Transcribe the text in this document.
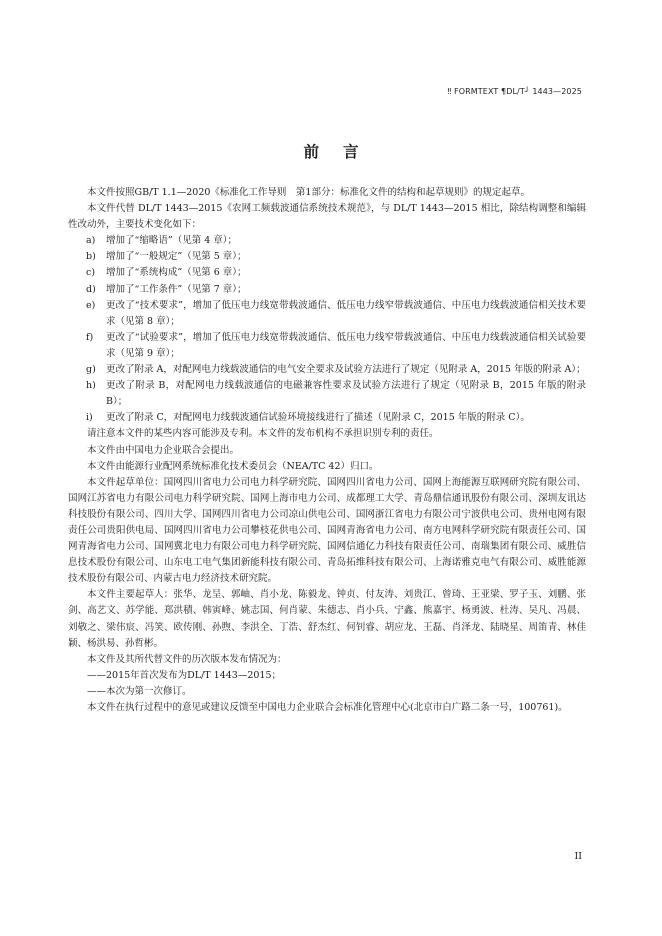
‼ FORMTEXT ¶DL/T┘ 1443—2025
前言

本文件按照GB/T 1.1—2020《标准化工作导则　第1部分：标准化文件的结构和起草规则》的规定起草。

本文件代替 DL/T 1443—2015《农网工频载波通信系统技术规范》，与 DL/T 1443—2015 相比，除结构调整和编辑性改动外，主要技术变化如下：

a) 增加了“缩略语”（见第 4 章）；
b) 增加了“一般规定”（见第 5 章）；
c) 增加了“系统构成”（见第 6 章）；
d) 增加了“工作条件”（见第 7 章）；
e) 更改了“技术要求”，增加了低压电力线宽带载波通信、低压电力线窄带载波通信、中压电力线载波通信相关技术要求（见第 8 章）；
f) 更改了“试验要求”，增加了低压电力线宽带载波通信、低压电力线窄带载波通信、中压电力线载波通信相关试验要求（见第 9 章）；
g) 更改了附录 A，对配网电力线载波通信的电气安全要求及试验方法进行了规定（见附录 A，2015 年版的附录 A）；
h) 更改了附录 B，对配网电力线载波通信的电磁兼容性要求及试验方法进行了规定（见附录 B，2015 年版的附录 B）；
i) 更改了附录 C，对配网电力线载波通信试验环境接线进行了描述（见附录 C，2015 年版的附录 C）。

请注意本文件的某些内容可能涉及专利。本文件的发布机构不承担识别专利的责任。

本文件由中国电力企业联合会提出。

本文件由能源行业配网系统标准化技术委员会（NEA/TC 42）归口。

本文件起草单位：国网四川省电力公司电力科学研究院、国网四川省电力公司、国网上海能源互联网研究院有限公司、国网江苏省电力有限公司电力科学研究院、国网上海市电力公司、成都理工大学、青岛鼎信通讯股份有限公司、深圳友讯达科技股份有限公司、四川大学、国网四川省电力公司凉山供电公司、国网浙江省电力有限公司宁波供电公司、贵州电网有限责任公司贵阳供电局、国网四川省电力公司攀枝花供电公司、国网青海省电力公司、南方电网科学研究院有限责任公司、国网青海省电力公司、国网冀北电力有限公司电力科学研究院、国网信通亿力科技有限责任公司、南瑞集团有限公司、威胜信息技术股份有限公司、山东电工电气集团新能科技有限公司、青岛拓维科技有限公司、上海诺雅克电气有限公司、威胜能源技术股份有限公司、内蒙古电力经济技术研究院。

本文件主要起草人：张华、龙呈、郭岫、肖小龙、陈毅龙、钟贞、付友涛、刘贵江、曾琦、王亚梁、罗子玉、刘鹏、张剑、高艺文、苏学能、郑洪積、韩寅峰、姚志国、何肖蒙、朱德志、肖小兵、宁鑫、熊嘉宇、杨勇波、杜涛、吴凡、冯晨、刘敬之、梁伟宸、冯笑、欧传刚、孙煦、李洪全、丁浩、舒杰红、何钊睿、胡应龙、王磊、肖泽龙、陆晓星、周笛青、林佳颖、杨洪易、孙哲彬。

本文件及其所代替文件的历次版本发布情况为：

——2015年首次发布为DL/T 1443—2015；

——本次为第一次修订。

本文件在执行过程中的意见或建议反馈至中国电力企业联合会标准化管理中心(北京市白广路二条一号，100761)。

II
